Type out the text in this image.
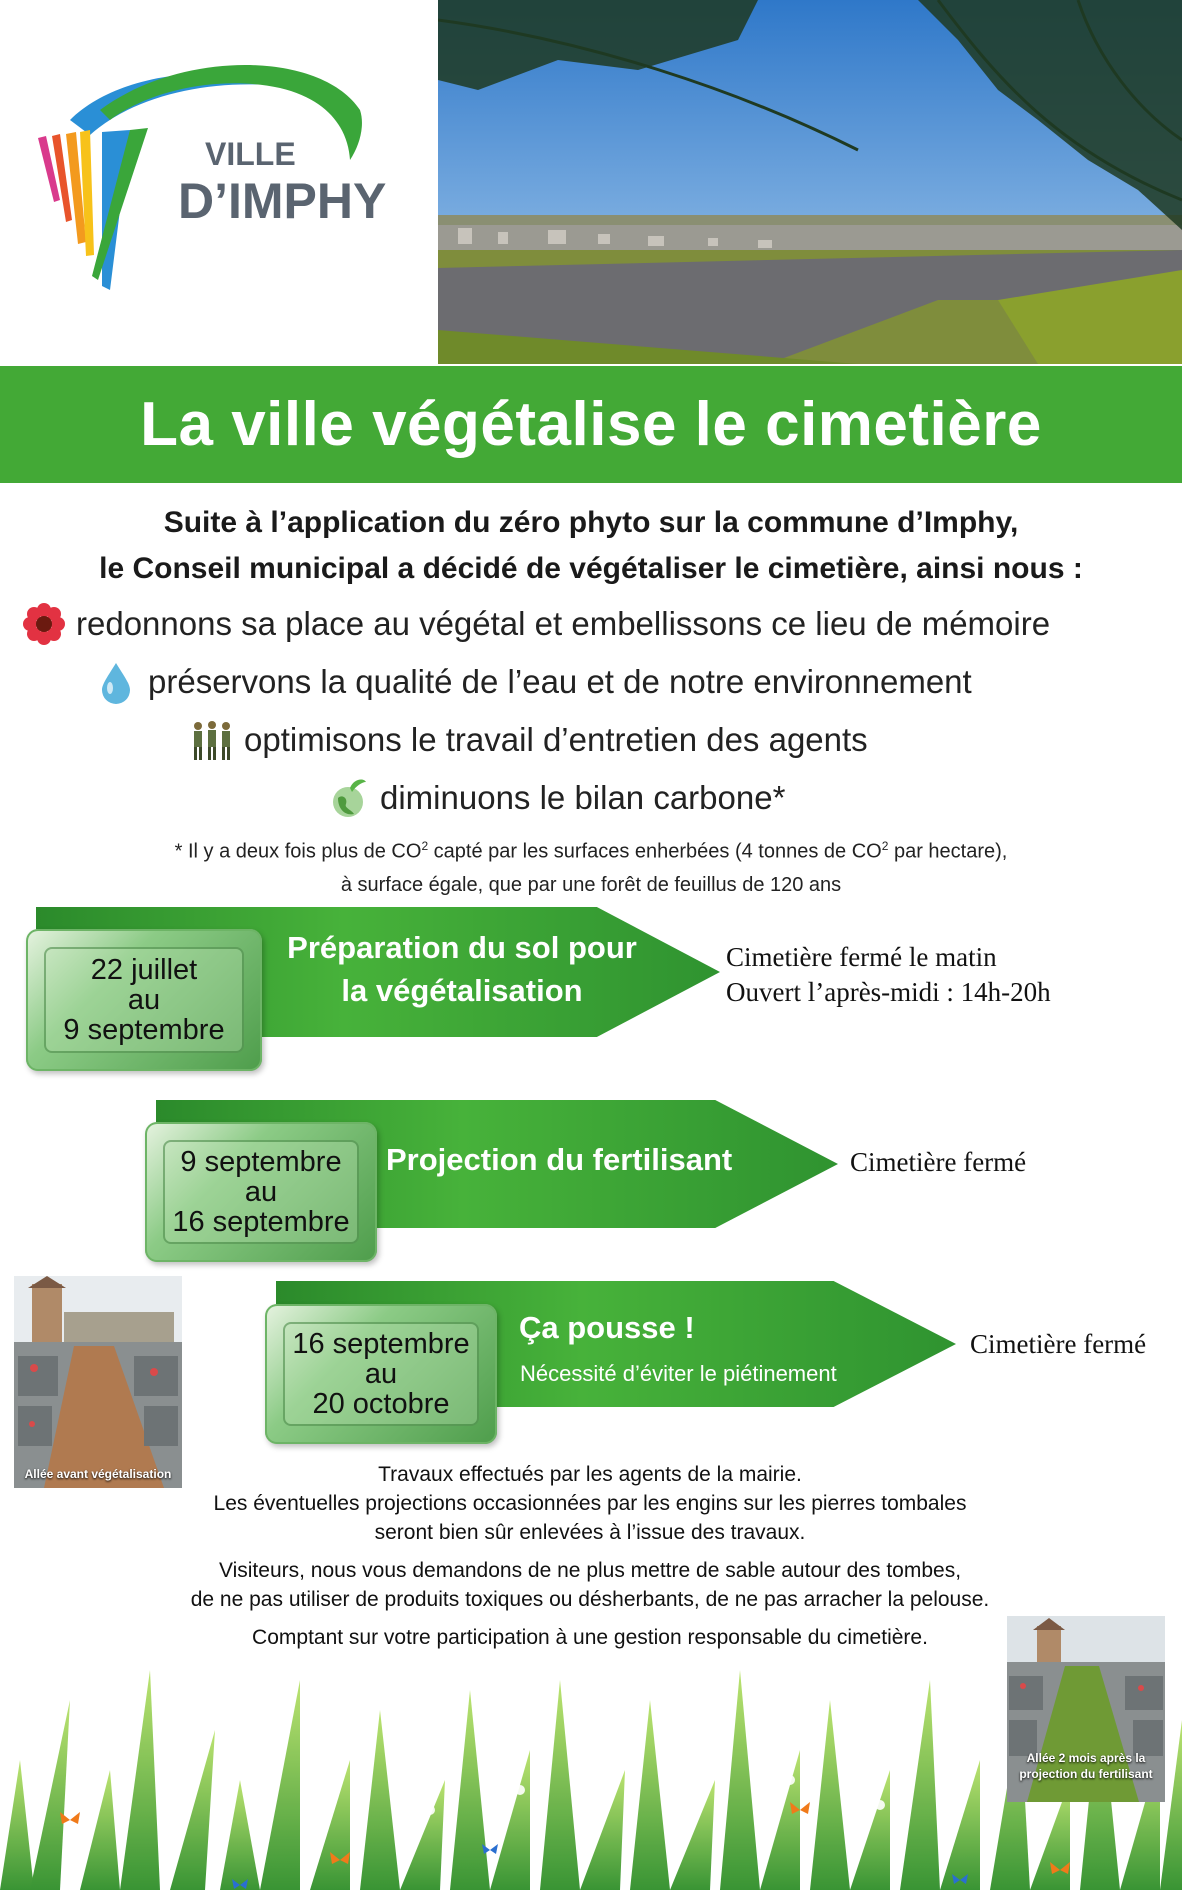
VILLE
D’IMPHY
La ville végétalise le cimetière

Suite à l’application du zéro phyto sur la commune d’Imphy,

le Conseil municipal a décidé de végétaliser le cimetière, ainsi nous :

redonnons sa place au végétal et embellissons ce lieu de mémoire
préservons la qualité de l’eau et de notre environnement
optimisons le travail d’entretien des agents
diminuons le bilan carbone*
* Il y a deux fois plus de $CO^2$ capté par les surfaces enherbées (4 tonnes de $CO^2$ par hectare),
à surface égale, que par une forêt de feuillus de 120 ans
22 juillet
au
9 septembre
Préparation du sol pour
la végétalisation
Cimetière fermé le matin
Ouvert l’après-midi : 14h-20h
9 septembre
au
16 septembre
Projection du fertilisant	Cimetière fermé
16 septembre
au
20 octobre
Ça pousse !
Nécessité d’éviter le piétinement
Cimetière fermé
Allée avant végétalisation	Travaux effectués par les agents de la mairie.
Les éventuelles projections occasionnées par les engins sur les pierres tombales
seront bien sûr enlevées à l’issue des travaux.

Visiteurs, nous vous demandons de ne plus mettre de sable autour des tombes,
de ne pas utiliser de produits toxiques ou désherbants, de ne pas arracher la pelouse.

Comptant sur votre participation à une gestion responsable du cimetière.

Allée 2 mois après la
projection du fertilisant
